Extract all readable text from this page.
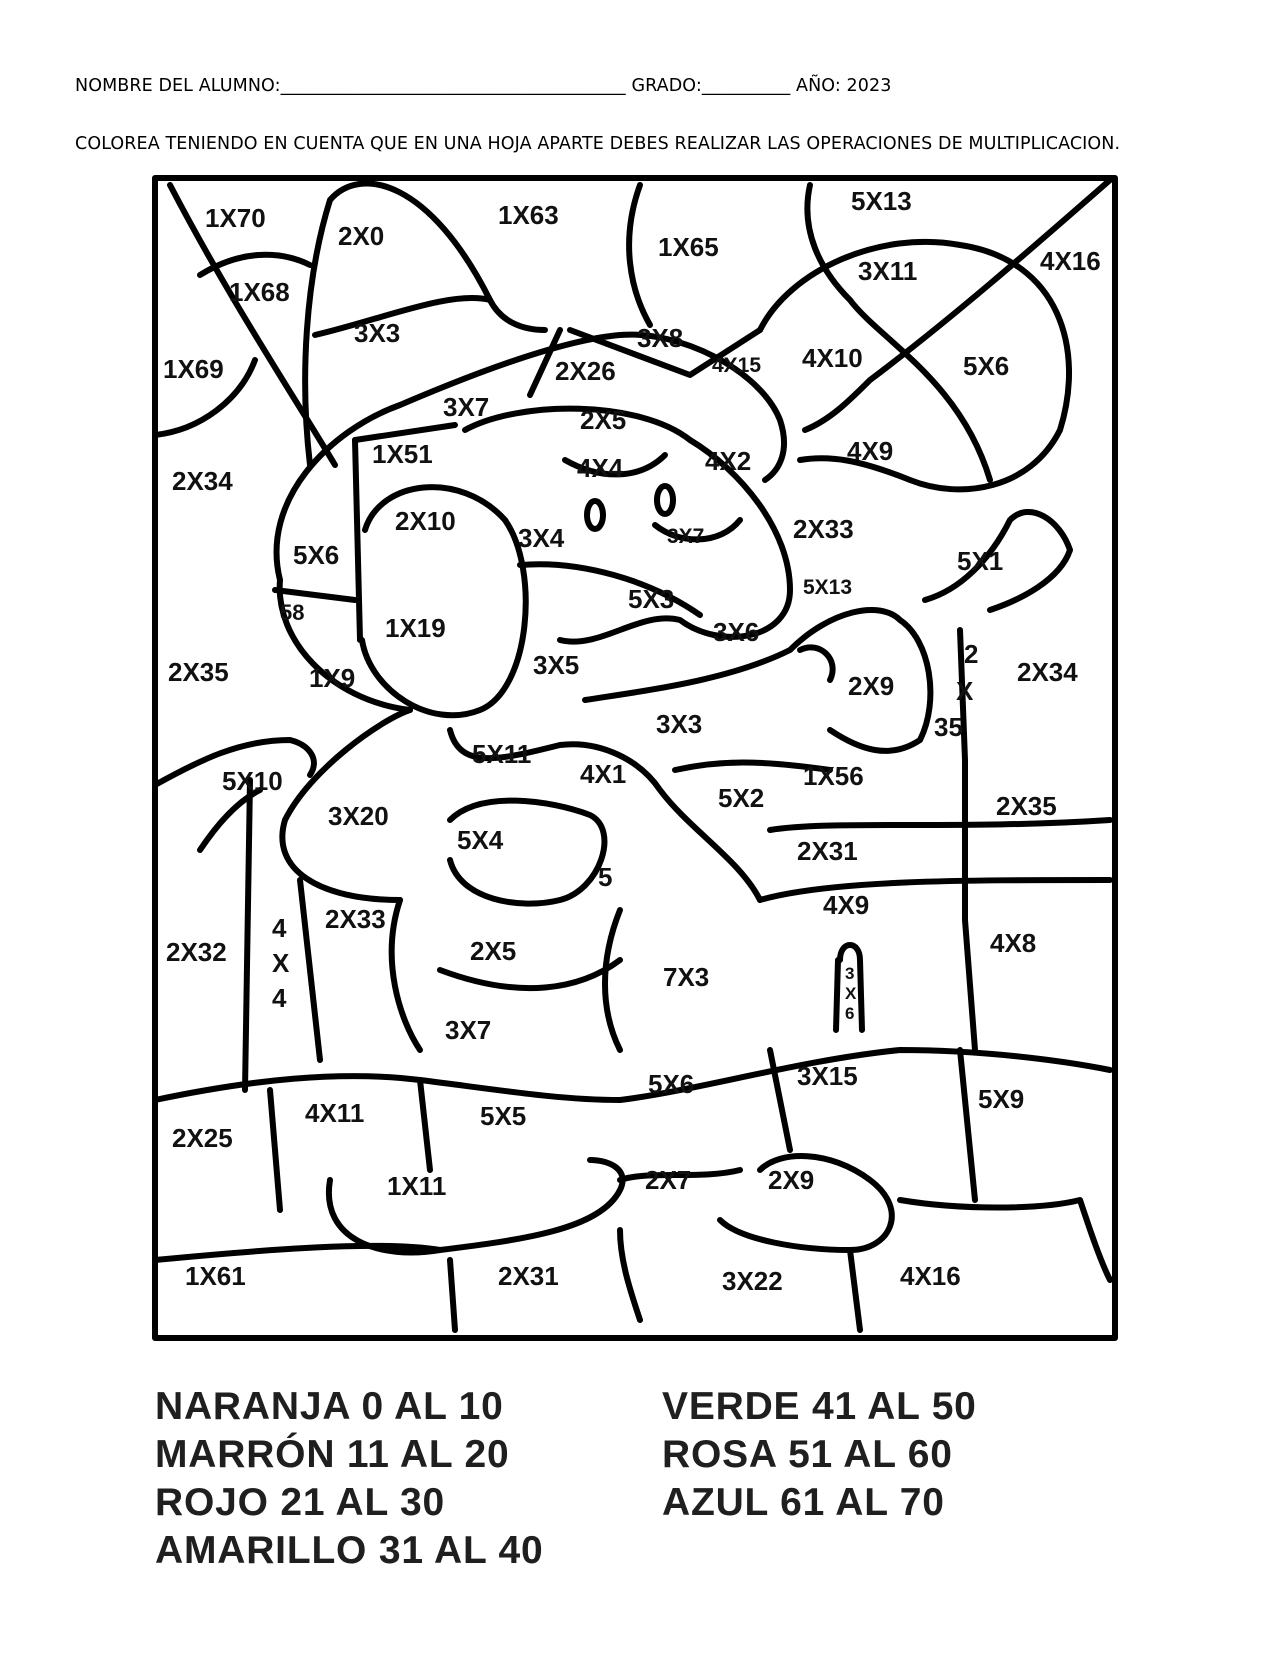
NOMBRE DEL ALUMNO:_______________________________________ GRADO:__________ AÑO: 2023
COLOREA TENIENDO EN CUENTA QUE EN UNA HOJA APARTE DEBES REALIZAR LAS OPERACIONES DE MULTIPLICACION.
1X70
2X0
1X63
1X65
5X13
4X16
3X11
1X68
3X3	3X8
4X15 4X10	5X6
1X69	2X26
3X7	2X5
1X51	4X4	4X2	4X9
2X34
2X10
3X4	3X7	2X33
5X1
5X6
58	5X3	5X13
1X19
2X35	1X9	3X5
3X6
2X9
2
X
35
2X34
3X3
5X11
5X10	4X1
5X2
1X56
3X20
5X4
2X35
5
2X31
4
X
4
2X33	4X9
2X32	2X5
7X3	3
X
6
4X8
3X7
5X6	3X15
4X11	5X5
5X9
2X25
1X11	2X7	2X9
1X61	2X31	3X22	4X16
NARANJA 0 AL 10
MARRÓN 11 AL 20
ROJO 21 AL 30
AMARILLO 31 AL 40
VERDE 41 AL 50
ROSA 51 AL 60
AZUL 61 AL 70
